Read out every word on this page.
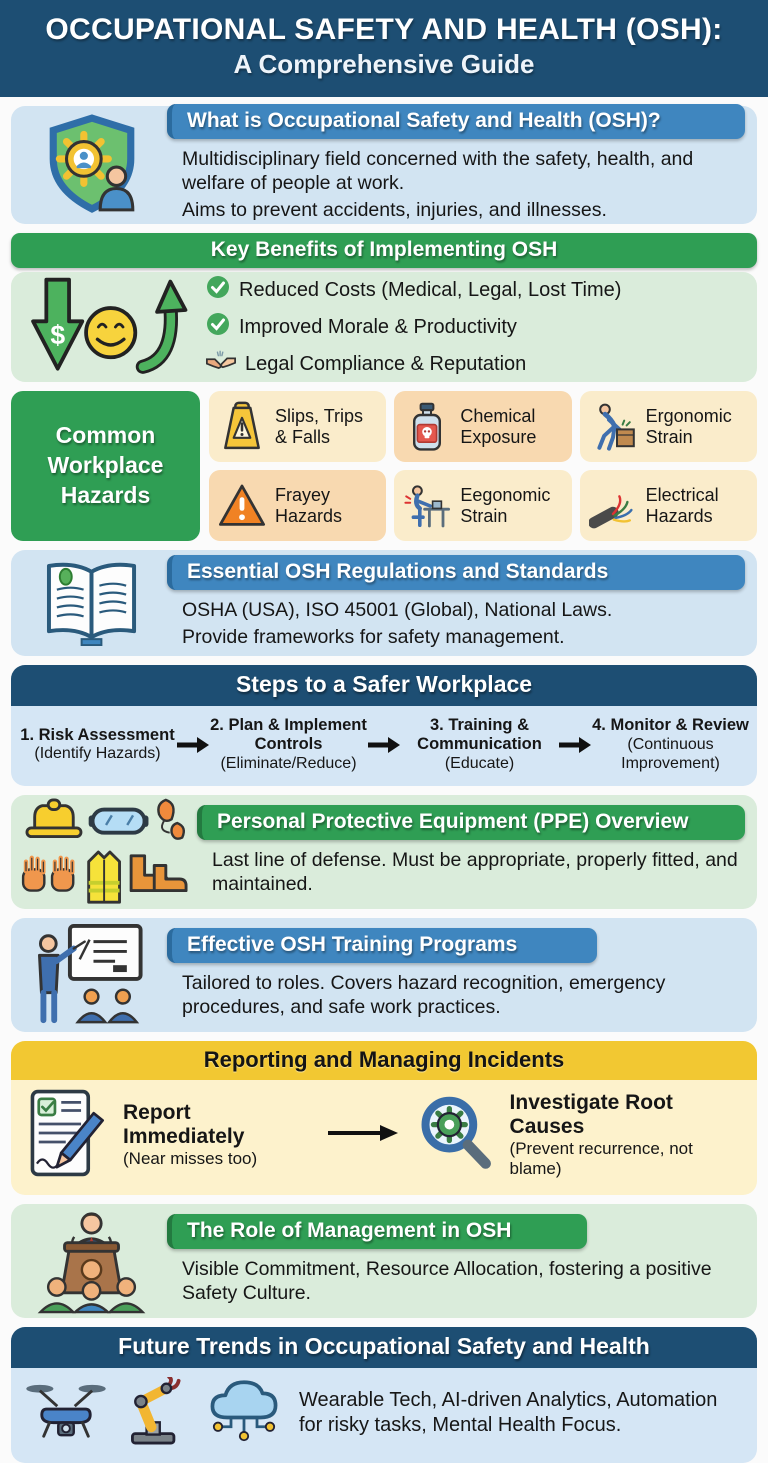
OCCUPATIONAL SAFETY AND HEALTH (OSH):
A Comprehensive Guide
What is Occupational Safety and Health (OSH)?

Multidisciplinary field concerned with the safety, health, and welfare of people at work.

Aims to prevent accidents, injuries, and illnesses.

Key Benefits of Implementing OSH
$
Reduced Costs (Medical, Legal, Lost Time)
Improved Morale & Productivity
Legal Compliance & Reputation
Common
Workplace
Hazards
Slips, Trips & Falls
Chemical Exposure
Ergonomic Strain
Frayey Hazards
Eegonomic Strain
Electrical Hazards
Essential OSH Regulations and Standards

OSHA (USA), ISO 45001 (Global), National Laws.

Provide frameworks for safety management.

Steps to a Safer Workplace
1. Risk Assessment
(Identify Hazards)
2. Plan & Implement Controls
(Eliminate/Reduce)
3. Training & Communication
(Educate)
4. Monitor & Review
(Continuous Improvement)
Personal Protective Equipment (PPE) Overview

Last line of defense. Must be appropriate, properly fitted, and maintained.

Effective OSH Training Programs

Tailored to roles. Covers hazard recognition, emergency procedures, and safe work practices.

Reporting and Managing Incidents
Report Immediately
(Near misses too)
Investigate Root Causes
(Prevent recurrence, not blame)
The Role of Management in OSH

Visible Commitment, Resource Allocation, fostering a positive Safety Culture.

Future Trends in Occupational Safety and Health
Wearable Tech, AI-driven Analytics, Automation for risky tasks, Mental Health Focus.
